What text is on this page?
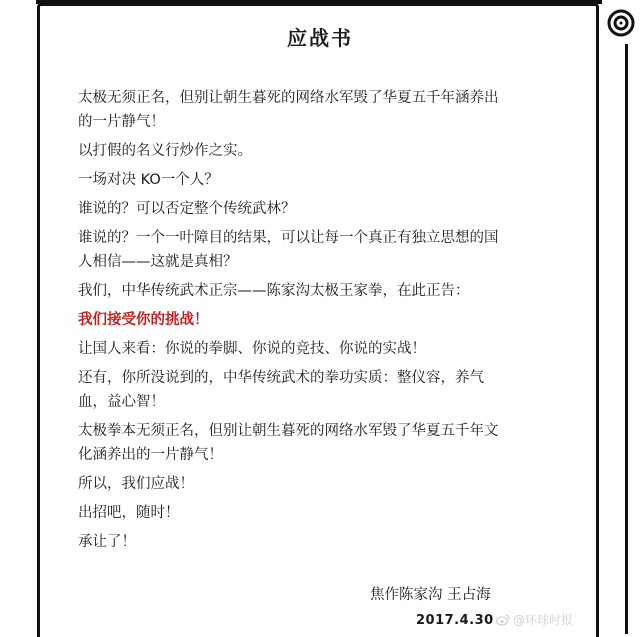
应战书

太极无须正名，但别让朝生暮死的网络水军毁了华夏五千年涵养出的一片静气！

以打假的名义行炒作之实。

一场对决 KO一个人？

谁说的？可以否定整个传统武林？

谁说的？一个一叶障目的结果，可以让每一个真正有独立思想的国人相信——这就是真相？

我们，中华传统武术正宗——陈家沟太极王家拳，在此正告：

我们接受你的挑战！

让国人来看：你说的拳脚、你说的竞技、你说的实战！

还有，你所没说到的，中华传统武术的拳功实质：整仪容，养气血，益心智！

太极拳本无须正名，但别让朝生暮死的网络水军毁了华夏五千年文化涵养出的一片静气！

所以，我们应战！

出招吧，随时！

承让了！

焦作陈家沟 王占海
2017.4.30 @环球时报
